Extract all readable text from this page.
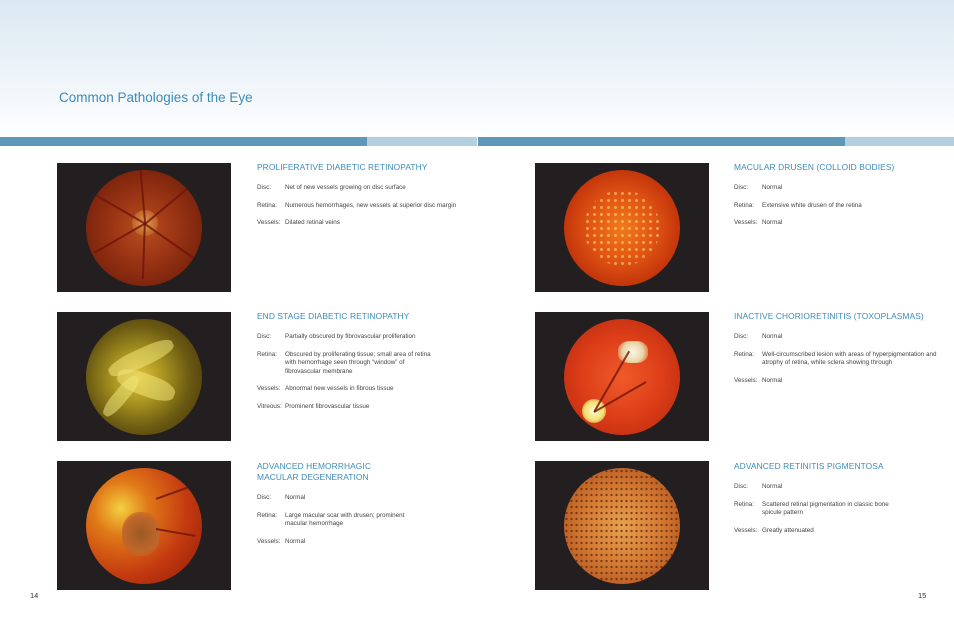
Common Pathologies of the Eye
PROLIFERATIVE DIABETIC RETINOPATHY
Disc:	Net of new vessels growing on disc surface
Retina:	Numerous hemorrhages, new vessels at superior disc margin
Vessels: Dilated retinal veins
END STAGE DIABETIC RETINOPATHY
Disc:	Partially obscured by fibrovascular proliferation
Retina:	Obscured by proliferating tissue; small area of retina with hemorrhage seen through “window” of fibrovascular membrane
Vessels: Abnormal new vessels in fibrous tissue
Vitreous: Prominent fibrovascular tissue
ADVANCED HEMORRHAGIC
MACULAR DEGENERATION
Disc:	Normal
Retina:	Large macular scar with drusen; prominent macular hemorrhage
Vessels: Normal
MACULAR DRUSEN (COLLOID BODIES)
Disc:	Normal
Retina:	Extensive white drusen of the retina
Vessels: Normal
INACTIVE CHORIORETINITIS (TOXOPLASMAS)
Disc:	Normal
Retina:	Well-circumscribed lesion with areas of hyperpigmentation and atrophy of retina, white sclera showing through
Vessels: Normal
ADVANCED RETINITIS PIGMENTOSA
Disc:	Normal
Retina:	Scattered retinal pigmentation in classic bone spicule pattern
Vessels: Greatly attenuated
14	15
